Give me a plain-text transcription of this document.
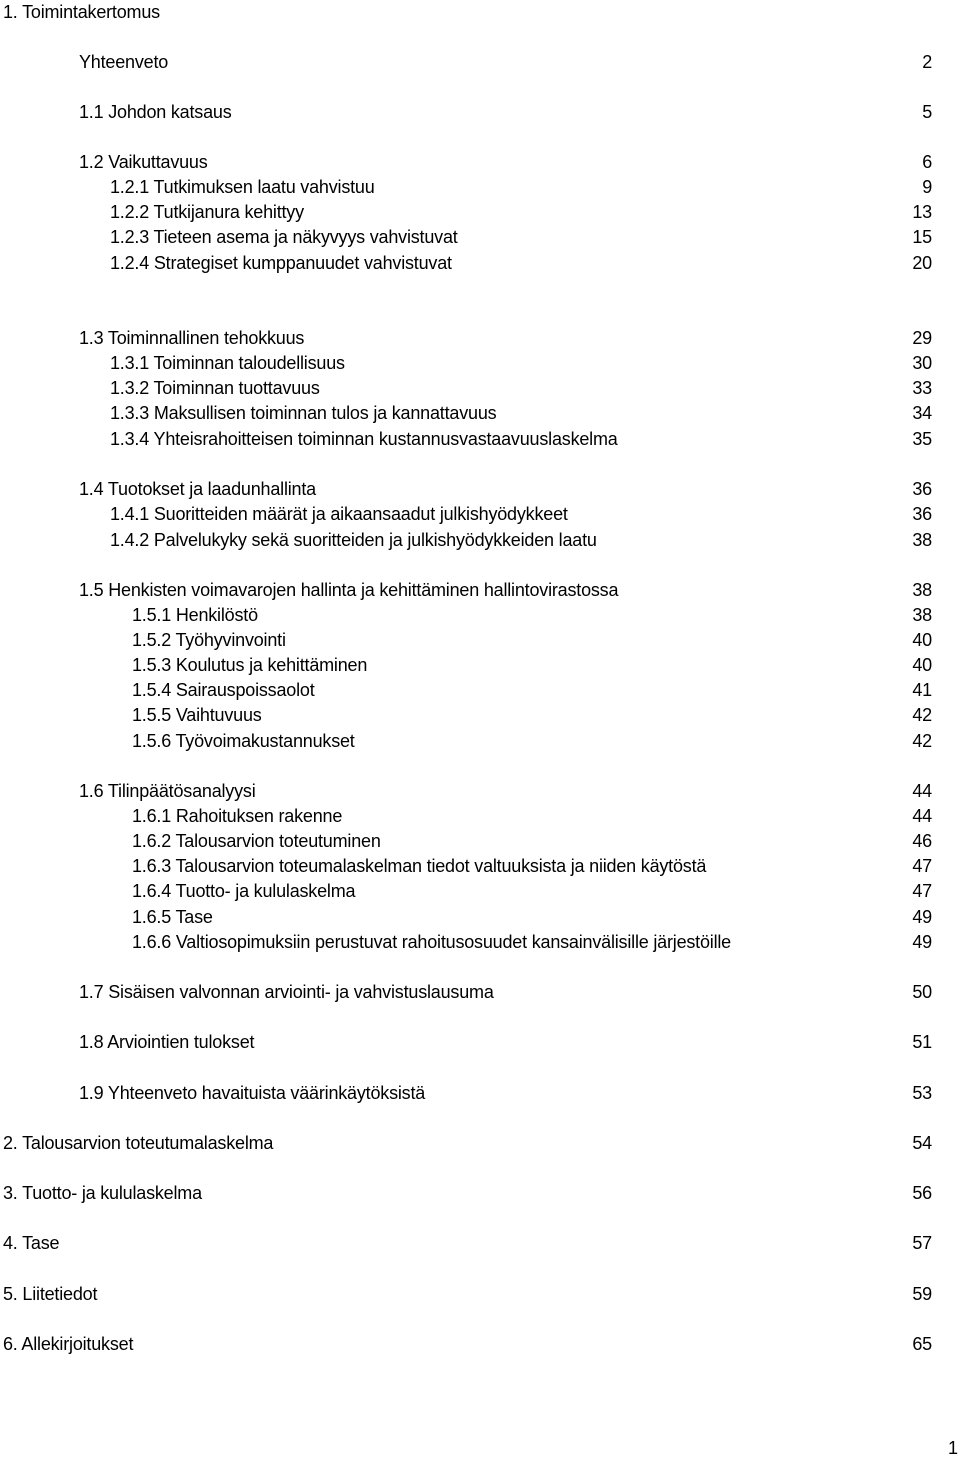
1. Toimintakertomus
Yhteenveto	2
1.1 Johdon katsaus	5
1.2 Vaikuttavuus	6
1.2.1 Tutkimuksen laatu vahvistuu	9
1.2.2 Tutkijanura kehittyy	13
1.2.3 Tieteen asema ja näkyvyys vahvistuvat	15
1.2.4 Strategiset kumppanuudet vahvistuvat	20
1.3 Toiminnallinen tehokkuus	29
1.3.1 Toiminnan taloudellisuus	30
1.3.2 Toiminnan tuottavuus	33
1.3.3 Maksullisen toiminnan tulos ja kannattavuus	34
1.3.4 Yhteisrahoitteisen toiminnan kustannusvastaavuuslaskelma	35
1.4 Tuotokset ja laadunhallinta	36
1.4.1 Suoritteiden määrät ja aikaansaadut julkishyödykkeet	36
1.4.2 Palvelukyky sekä suoritteiden ja julkishyödykkeiden laatu	38
1.5 Henkisten voimavarojen hallinta ja kehittäminen hallintovirastossa	38
1.5.1 Henkilöstö	38
1.5.2 Työhyvinvointi	40
1.5.3 Koulutus ja kehittäminen	40
1.5.4 Sairauspoissaolot	41
1.5.5 Vaihtuvuus	42
1.5.6 Työvoimakustannukset	42
1.6 Tilinpäätösanalyysi	44
1.6.1 Rahoituksen rakenne	44
1.6.2 Talousarvion toteutuminen	46
1.6.3 Talousarvion toteumalaskelman tiedot valtuuksista ja niiden käytöstä	47
1.6.4 Tuotto- ja kululaskelma	47
1.6.5 Tase	49
1.6.6 Valtiosopimuksiin perustuvat rahoitusosuudet kansainvälisille järjestöille	49
1.7 Sisäisen valvonnan arviointi- ja vahvistuslausuma	50
1.8 Arviointien tulokset	51
1.9 Yhteenveto havaituista väärinkäytöksistä	53
2. Talousarvion toteutumalaskelma	54
3. Tuotto- ja kululaskelma	56
4. Tase	57
5. Liitetiedot	59
6. Allekirjoitukset	65
1
